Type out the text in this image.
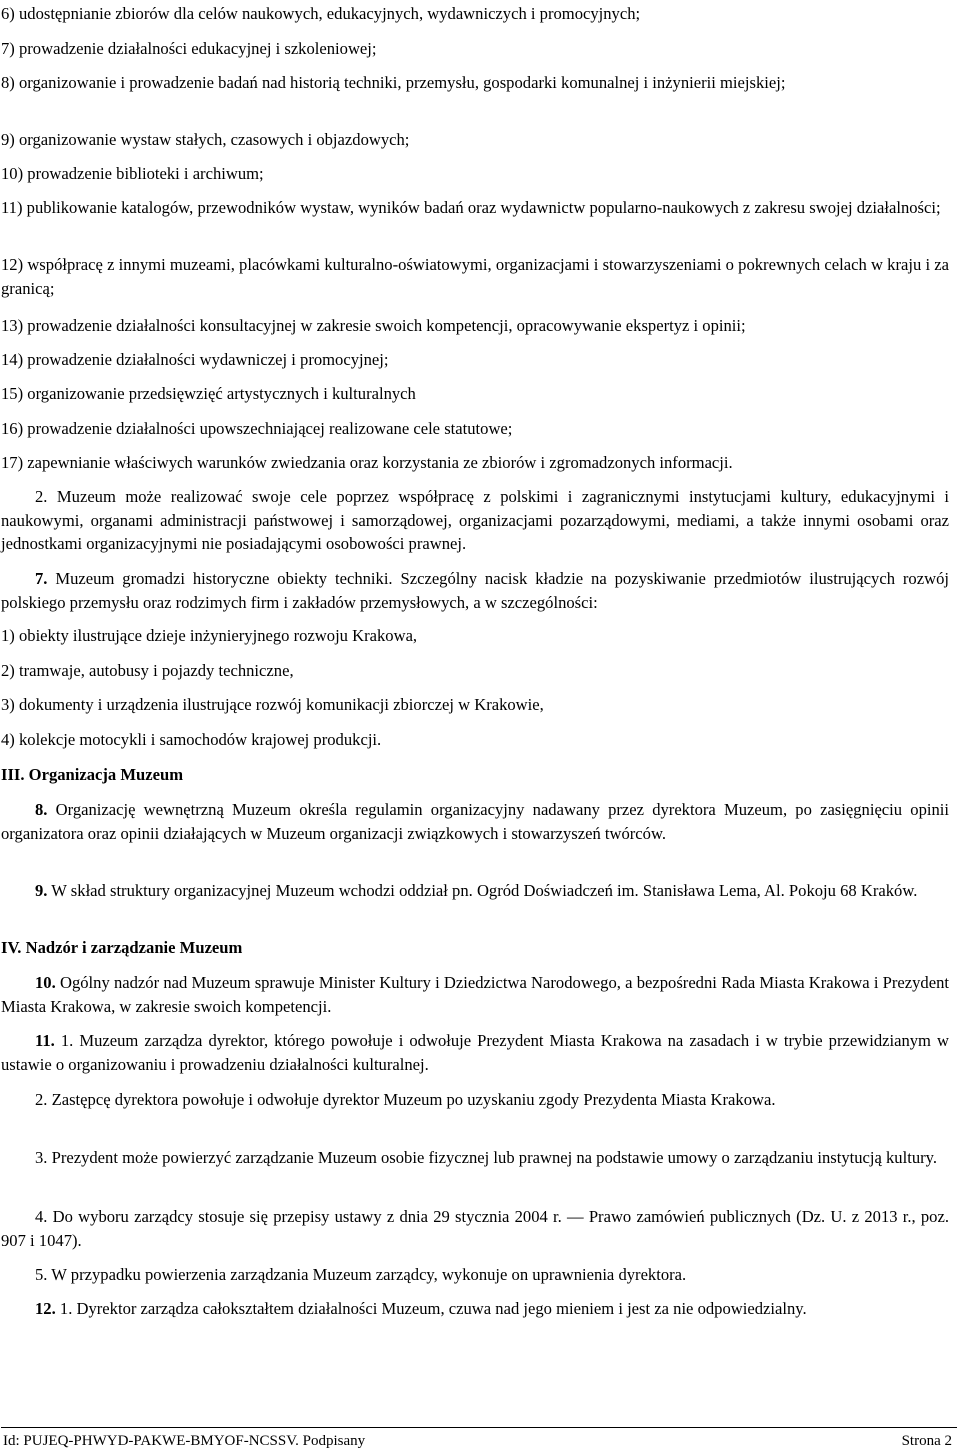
6) udostępnianie zbiorów dla celów naukowych, edukacyjnych, wydawniczych i promocyjnych;

7) prowadzenie działalności edukacyjnej i szkoleniowej;

8) organizowanie i prowadzenie badań nad historią techniki, przemysłu, gospodarki komunalnej i inżynierii miejskiej;

9) organizowanie wystaw stałych, czasowych i objazdowych;

10) prowadzenie biblioteki i archiwum;

11) publikowanie katalogów, przewodników wystaw, wyników badań oraz wydawnictw popularno-naukowych z zakresu swojej działalności;

12) współpracę z innymi muzeami, placówkami kulturalno-oświatowymi, organizacjami i stowarzyszeniami o pokrewnych celach w kraju i za granicą;

13) prowadzenie działalności konsultacyjnej w zakresie swoich kompetencji, opracowywanie ekspertyz i opinii;

14) prowadzenie działalności wydawniczej i promocyjnej;

15) organizowanie przedsięwzięć artystycznych i kulturalnych

16) prowadzenie działalności upowszechniającej realizowane cele statutowe;

17) zapewnianie właściwych warunków zwiedzania oraz korzystania ze zbiorów i zgromadzonych informacji.

2. Muzeum może realizować swoje cele poprzez współpracę z polskimi i zagranicznymi instytucjami kultury, edukacyjnymi i naukowymi, organami administracji państwowej i samorządowej, organizacjami pozarządowymi, mediami, a także innymi osobami oraz jednostkami organizacyjnymi nie posiadającymi osobowości prawnej.

7. Muzeum gromadzi historyczne obiekty techniki. Szczególny nacisk kładzie na pozyskiwanie przedmiotów ilustrujących rozwój polskiego przemysłu oraz rodzimych firm i zakładów przemysłowych, a w szczególności:

1) obiekty ilustrujące dzieje inżynieryjnego rozwoju Krakowa,

2) tramwaje, autobusy i pojazdy techniczne,

3) dokumenty i urządzenia ilustrujące rozwój komunikacji zbiorczej w Krakowie,

4) kolekcje motocykli i samochodów krajowej produkcji.

III. Organizacja Muzeum

8. Organizację wewnętrzną Muzeum określa regulamin organizacyjny nadawany przez dyrektora Muzeum, po zasięgnięciu opinii organizatora oraz opinii działających w Muzeum organizacji związkowych i stowarzyszeń twórców.

9. W skład struktury organizacyjnej Muzeum wchodzi oddział pn. Ogród Doświadczeń im. Stanisława Lema, Al. Pokoju 68 Kraków.

IV. Nadzór i zarządzanie Muzeum

10. Ogólny nadzór nad Muzeum sprawuje Minister Kultury i Dziedzictwa Narodowego, a bezpośredni Rada Miasta Krakowa i Prezydent Miasta Krakowa, w zakresie swoich kompetencji.

11. 1. Muzeum zarządza dyrektor, którego powołuje i odwołuje Prezydent Miasta Krakowa na zasadach i w trybie przewidzianym w ustawie o organizowaniu i prowadzeniu działalności kulturalnej.

2. Zastępcę dyrektora powołuje i odwołuje dyrektor Muzeum po uzyskaniu zgody Prezydenta Miasta Krakowa.

3. Prezydent może powierzyć zarządzanie Muzeum osobie fizycznej lub prawnej na podstawie umowy o zarządzaniu instytucją kultury.

4. Do wyboru zarządcy stosuje się przepisy ustawy z dnia 29 stycznia 2004 r. — Prawo zamówień publicznych (Dz. U. z 2013 r., poz. 907 i 1047).

5. W przypadku powierzenia zarządzania Muzeum zarządcy, wykonuje on uprawnienia dyrektora.

12. 1. Dyrektor zarządza całokształtem działalności Muzeum, czuwa nad jego mieniem i jest za nie odpowiedzialny.

Id: PUJEQ-PHWYD-PAKWE-BMYOF-NCSSV. Podpisany	Strona 2
